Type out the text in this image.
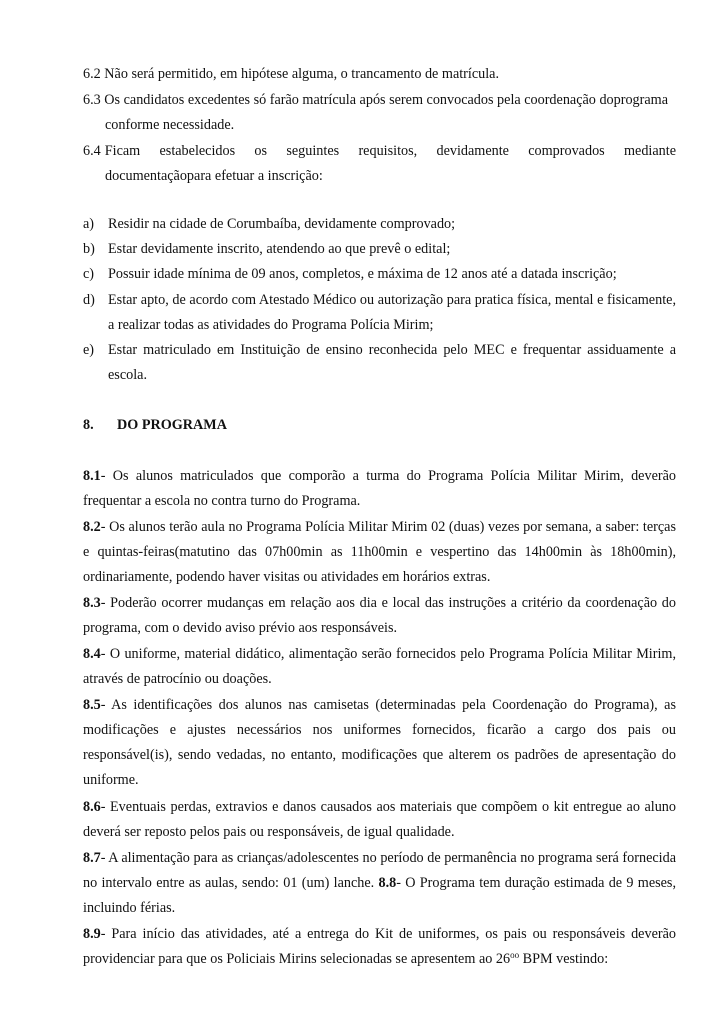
6.2 Não será permitido, em hipótese alguma, o trancamento de matrícula.
6.3 Os candidatos excedentes só farão matrícula após serem convocados pela coordenação doprograma
conforme necessidade.
6.4 Ficam estabelecidos os seguintes requisitos, devidamente comprovados mediante
documentaçãopara efetuar a inscrição:
a) Residir na cidade de Corumbaíba, devidamente comprovado;
b) Estar devidamente inscrito, atendendo ao que prevê o edital;
c) Possuir idade mínima de 09 anos, completos, e máxima de 12 anos até a datada inscrição;
d) Estar apto, de acordo com Atestado Médico ou autorização para pratica física, mental e fisicamente, a realizar todas as atividades do Programa Polícia Mirim;
e) Estar matriculado em Instituição de ensino reconhecida pelo MEC e frequentar assiduamente a escola.
8. DO PROGRAMA

8.1- Os alunos matriculados que comporão a turma do Programa Polícia Militar Mirim, deverão frequentar a escola no contra turno do Programa.

8.2- Os alunos terão aula no Programa Polícia Militar Mirim 02 (duas) vezes por semana, a saber: terças e quintas-feiras(matutino das 07h00min as 11h00min e vespertino das 14h00min às 18h00min), ordinariamente, podendo haver visitas ou atividades em horários extras.

8.3- Poderão ocorrer mudanças em relação aos dia e local das instruções a critério da coordenação do programa, com o devido aviso prévio aos responsáveis.

8.4- O uniforme, material didático, alimentação serão fornecidos pelo Programa Polícia Militar Mirim, através de patrocínio ou doações.

8.5- As identificações dos alunos nas camisetas (determinadas pela Coordenação do Programa), as modificações e ajustes necessários nos uniformes fornecidos, ficarão a cargo dos pais ou responsável(is), sendo vedadas, no entanto, modificações que alterem os padrões de apresentação do uniforme.

8.6- Eventuais perdas, extravios e danos causados aos materiais que compõem o kit entregue ao aluno deverá ser reposto pelos pais ou responsáveis, de igual qualidade.

8.7- A alimentação para as crianças/adolescentes no período de permanência no programa será fornecida no intervalo entre as aulas, sendo: 01 (um) lanche. 8.8- O Programa tem duração estimada de 9 meses, incluindo férias.

8.9- Para início das atividades, até a entrega do Kit de uniformes, os pais ou responsáveis deverão providenciar para que os Policiais Mirins selecionadas se apresentem ao $26^{oo}$ BPM vestindo:
